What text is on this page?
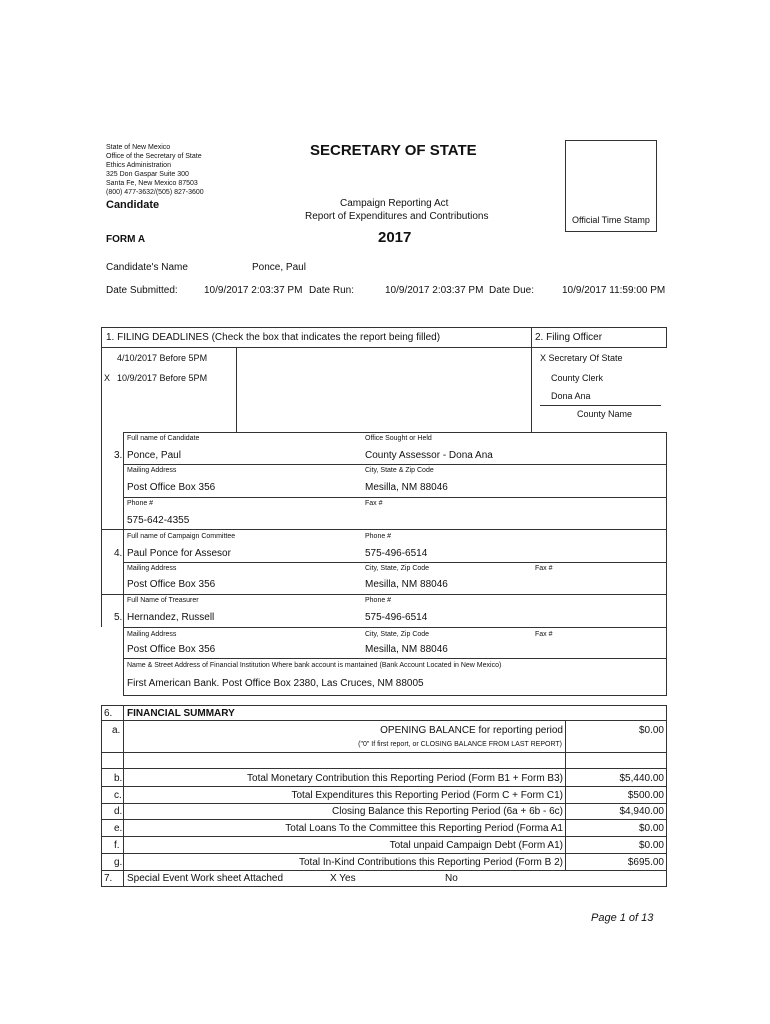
State of New Mexico
Office of the Secretary of State
Ethics Administration
325 Don Gaspar Suite 300
Santa Fe, New Mexico 87503
(800) 477-3632/(505) 827-3600
SECRETARY OF STATE
Candidate	Campaign Reporting Act
Report of Expenditures and Contributions
FORM A	2017
Official Time Stamp
Candidate's Name	Ponce, Paul
Date Submitted:	10/9/2017 2:03:37 PM Date Run:	10/9/2017 2:03:37 PM Date Due:	10/9/2017 11:59:00 PM
1. FILING DEADLINES (Check the box that indicates the report being filled)	2. Filing Officer
4/10/2017 Before 5PM
X 10/9/2017 Before 5PM
X Secretary Of State
County Clerk
Dona Ana
County Name
3.
Full name of Candidate	Office Sought or Held
Ponce, Paul	County Assessor - Dona Ana
Mailing Address	City, State & Zip Code
Post Office Box 356	Mesilla, NM 88046
Phone #	Fax #
575-642-4355
4.
Full name of Campaign Committee	Phone #
Paul Ponce for Assesor	575-496-6514
Mailing Address	City, State, Zip Code	Fax #
Post Office Box 356	Mesilla, NM 88046
5.
Full Name of Treasurer	Phone #
Hernandez, Russell	575-496-6514
Mailing Address	City, State, Zip Code	Fax #
Post Office Box 356	Mesilla, NM 88046
Name & Street Address of Financial Institution Where bank account is mantained (Bank Account Located in New Mexico)
First American Bank. Post Office Box 2380, Las Cruces, NM 88005
6. FINANCIAL SUMMARY
a.	OPENING BALANCE for reporting period	$0.00
("0" If first report, or CLOSING BALANCE FROM LAST REPORT)
b.	Total Monetary Contribution this Reporting Period (Form B1 + Form B3)	$5,440.00
c.	Total Expenditures this Reporting Period (Form C + Form C1)	$500.00
d.	Closing Balance this Reporting Period (6a + 6b - 6c)	$4,940.00
e.	Total Loans To the Committee this Reporting Period (Forma A1	$0.00
f.	Total unpaid Campaign Debt (Form A1)	$0.00
g.	Total In-Kind Contributions this Reporting Period (Form B 2)	$695.00
7. Special Event Work sheet Attached	X Yes	No
Page 1 of 13
